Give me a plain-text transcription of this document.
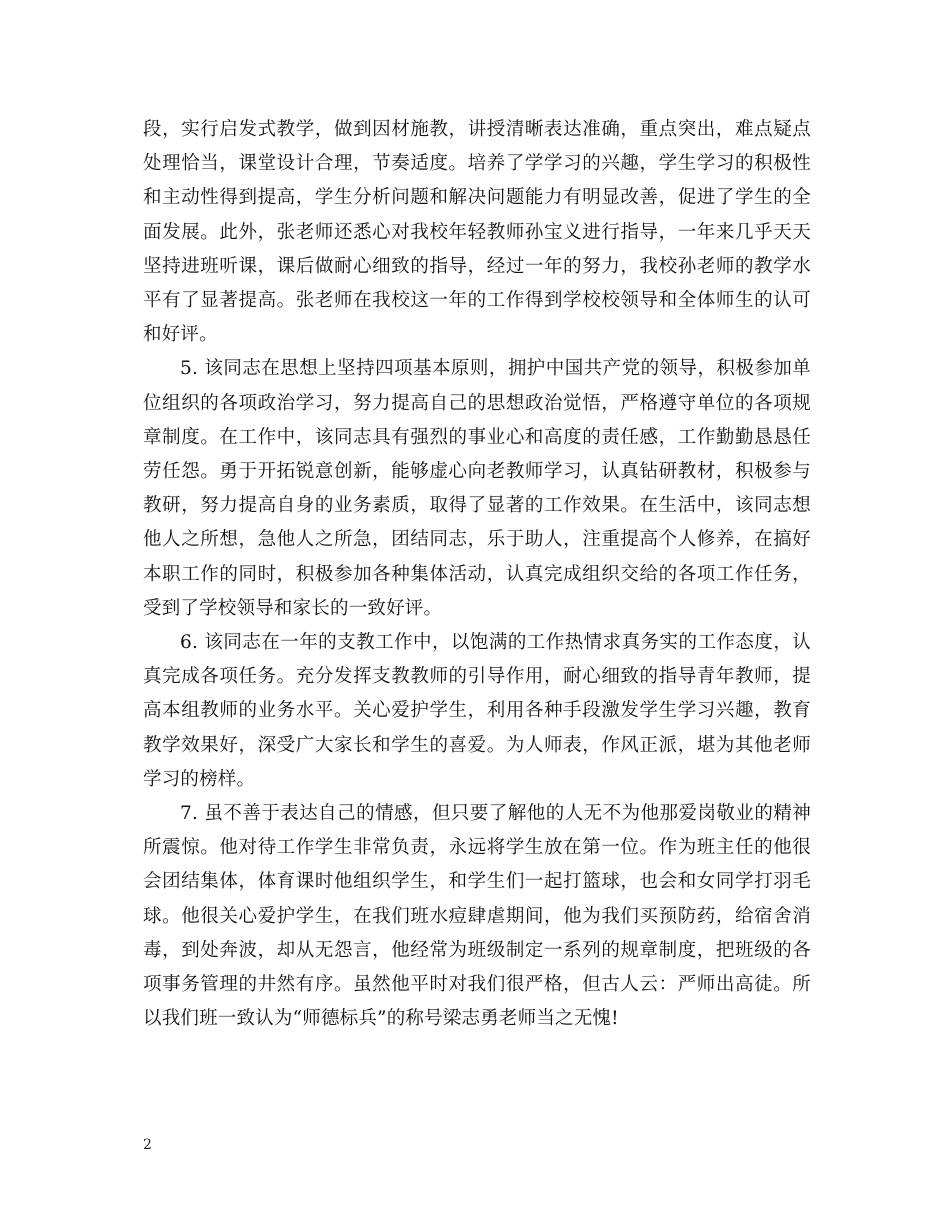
段，实行启发式教学，做到因材施教，讲授清晰表达准确，重点突出，难点疑点处理恰当，课堂设计合理，节奏适度。培养了学学习的兴趣，学生学习的积极性和主动性得到提高，学生分析问题和解决问题能力有明显改善，促进了学生的全面发展。此外，张老师还悉心对我校年轻教师孙宝义进行指导，一年来几乎天天坚持进班听课，课后做耐心细致的指导，经过一年的努力，我校孙老师的教学水平有了显著提高。张老师在我校这一年的工作得到学校校领导和全体师生的认可和好评。

5. 该同志在思想上坚持四项基本原则，拥护中国共产党的领导，积极参加单位组织的各项政治学习，努力提高自己的思想政治觉悟，严格遵守单位的各项规章制度。在工作中，该同志具有强烈的事业心和高度的责任感，工作勤勤恳恳任劳任怨。勇于开拓锐意创新，能够虚心向老教师学习，认真钻研教材，积极参与教研，努力提高自身的业务素质，取得了显著的工作效果。在生活中，该同志想他人之所想，急他人之所急，团结同志，乐于助人，注重提高个人修养，在搞好本职工作的同时，积极参加各种集体活动，认真完成组织交给的各项工作任务，受到了学校领导和家长的一致好评。

6. 该同志在一年的支教工作中，以饱满的工作热情求真务实的工作态度，认真完成各项任务。充分发挥支教教师的引导作用，耐心细致的指导青年教师，提高本组教师的业务水平。关心爱护学生，利用各种手段激发学生学习兴趣，教育教学效果好，深受广大家长和学生的喜爱。为人师表，作风正派，堪为其他老师学习的榜样。

7. 虽不善于表达自己的情感，但只要了解他的人无不为他那爱岗敬业的精神所震惊。他对待工作学生非常负责，永远将学生放在第一位。作为班主任的他很会团结集体，体育课时他组织学生，和学生们一起打篮球，也会和女同学打羽毛球。他很关心爱护学生，在我们班水痘肆虐期间，他为我们买预防药，给宿舍消毒，到处奔波，却从无怨言，他经常为班级制定一系列的规章制度，把班级的各项事务管理的井然有序。虽然他平时对我们很严格，但古人云：严师出高徒。所以我们班一致认为“师德标兵”的称号梁志勇老师当之无愧!

2
